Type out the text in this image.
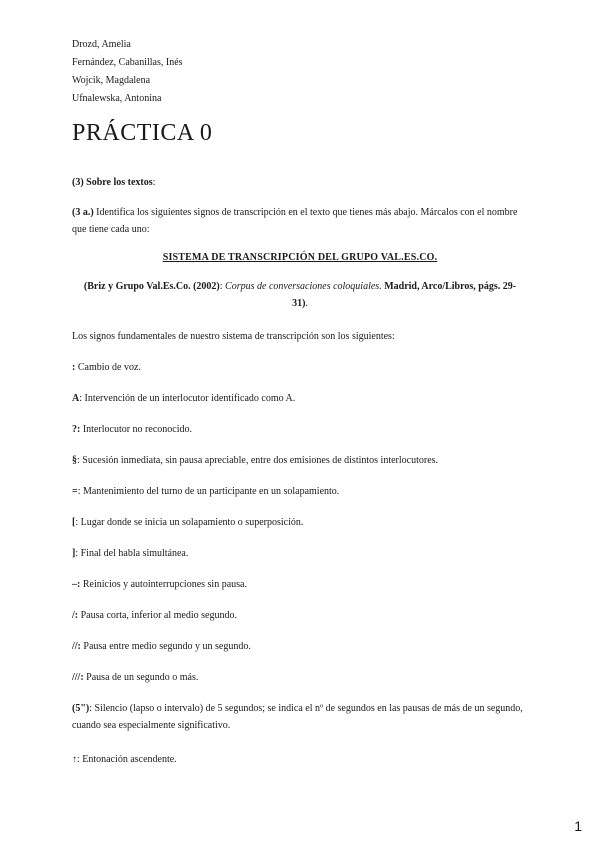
Drozd, Amelia
Fernández, Cabanillas, Inés
Wojcik, Magdalena
Ufnalewska, Antonina
PRÁCTICA 0
(3) Sobre los textos:
(3 a.) Identifica los siguientes signos de transcripción en el texto que tienes más abajo. Márcalos con el nombre que tiene cada uno:
SISTEMA DE TRANSCRIPCIÓN DEL GRUPO VAL.ES.CO.
(Briz y Grupo Val.Es.Co. (2002): Corpus de conversaciones coloquiales. Madrid, Arco/Libros, págs. 29-31).
Los signos fundamentales de nuestro sistema de transcripción son los siguientes:
: Cambio de voz.
A: Intervención de un interlocutor identificado como A.
?: Interlocutor no reconocido.
§: Sucesión inmediata, sin pausa apreciable, entre dos emisiones de distintos interlocutores.
=: Mantenimiento del turno de un participante en un solapamiento.
[: Lugar donde se inicia un solapamiento o superposición.
]: Final del habla simultánea.
–: Reinicios y autointerrupciones sin pausa.
/: Pausa corta, inferior al medio segundo.
//: Pausa entre medio segundo y un segundo.
///: Pausa de un segundo o más.
(5"): Silencio (lapso o intervalo) de 5 segundos; se indica el nº de segundos en las pausas de más de un segundo, cuando sea especialmente significativo.
↑: Entonación ascendente.
1
